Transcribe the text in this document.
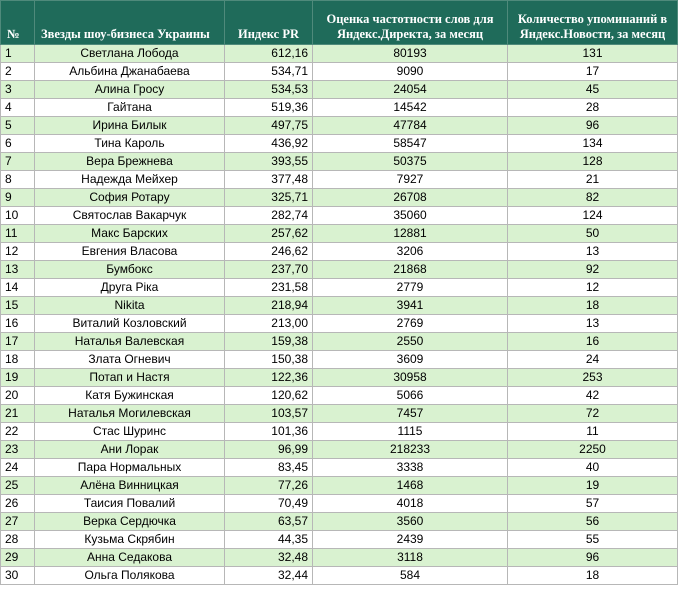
№	Звезды шоу-бизнеса Украины	Индекс PR	Оценка частотности слов для Яндекс.Директа, за месяц	Количество упоминаний в Яндекс.Новости, за месяц
1	Светлана Лобода	612,16	80193	131
2	Альбина Джанабаева	534,71	9090	17
3	Алина Гросу	534,53	24054	45
4	Гайтана	519,36	14542	28
5	Ирина Билык	497,75	47784	96
6	Тина Кароль	436,92	58547	134
7	Вера Брежнева	393,55	50375	128
8	Надежда Мейхер	377,48	7927	21
9	София Ротару	325,71	26708	82
10	Святослав Вакарчук	282,74	35060	124
11	Макс Барских	257,62	12881	50
12	Евгения Власова	246,62	3206	13
13	Бумбокс	237,70	21868	92
14	Друга Ріка	231,58	2779	12
15	Nikita	218,94	3941	18
16	Виталий Козловский	213,00	2769	13
17	Наталья Валевская	159,38	2550	16
18	Злата Огневич	150,38	3609	24
19	Потап и Настя	122,36	30958	253
20	Катя Бужинская	120,62	5066	42
21	Наталья Могилевская	103,57	7457	72
22	Стас Шуринс	101,36	1115	11
23	Ани Лорак	96,99	218233	2250
24	Пара Нормальных	83,45	3338	40
25	Алёна Винницкая	77,26	1468	19
26	Таисия Повалий	70,49	4018	57
27	Верка Сердючка	63,57	3560	56
28	Кузьма Скрябин	44,35	2439	55
29	Анна Седакова	32,48	3118	96
30	Ольга Полякова	32,44	584	18
